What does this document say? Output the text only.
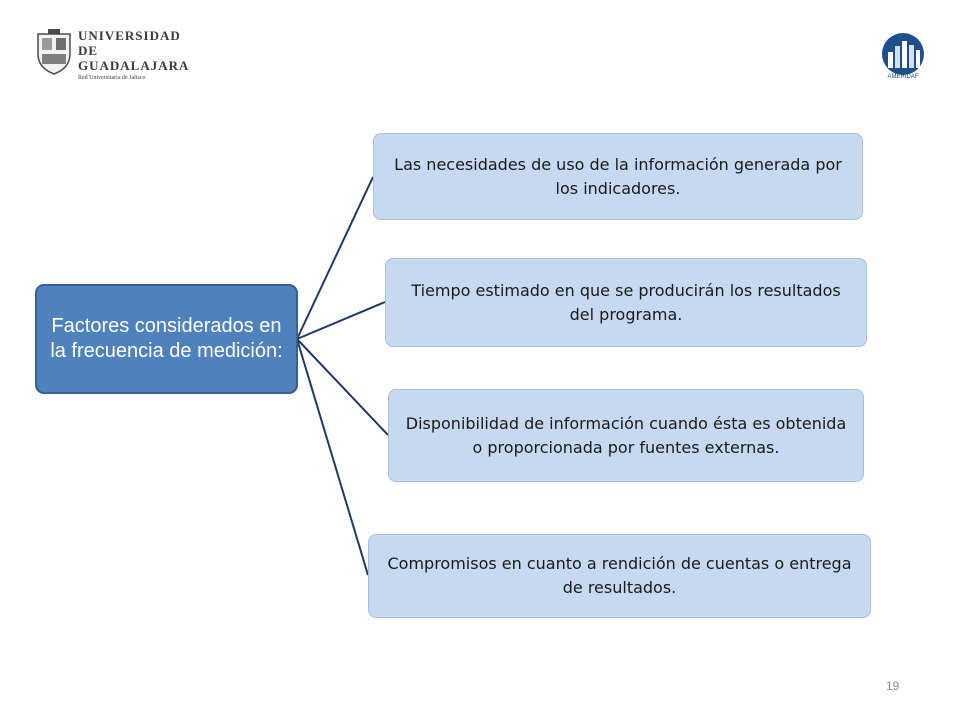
UNIVERSIDAD DE
GUADALAJARA
Red Universitaria de Jalisco	AMERIDAF
Factores considerados en la frecuencia de medición:
Las necesidades de uso de la información generada por los indicadores.
Tiempo estimado en que se producirán los resultados del programa.
Disponibilidad de información cuando ésta es obtenida o proporcionada por fuentes externas.
Compromisos en cuanto a rendición de cuentas o entrega de resultados.
19
